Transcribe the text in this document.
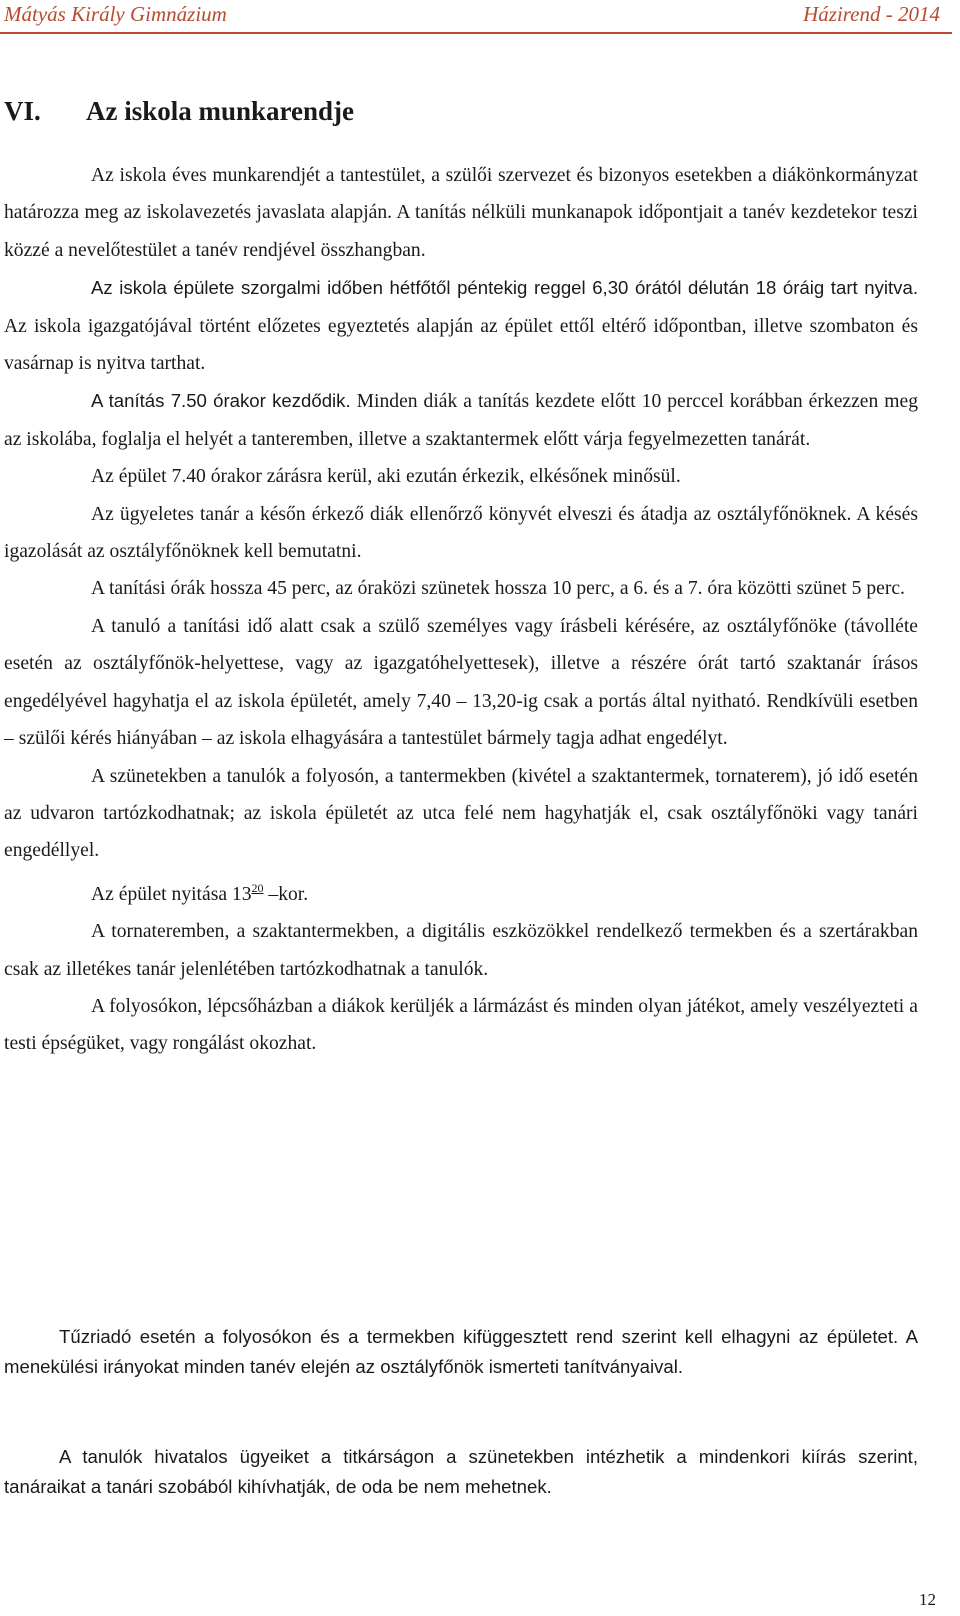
Mátyás Király Gimnázium	Házirend - 2014
VI. Az iskola munkarendje

Az iskola éves munkarendjét a tantestület, a szülői szervezet és bizonyos esetekben a diákönkormányzat határozza meg az iskolavezetés javaslata alapján. A tanítás nélküli munkanapok időpontjait a tanév kezdetekor teszi közzé a nevelőtestület a tanév rendjével összhangban.

Az iskola épülete szorgalmi időben hétfőtől péntekig reggel 6,30 órától délután 18 óráig tart nyitva. Az iskola igazgatójával történt előzetes egyeztetés alapján az épület ettől eltérő időpontban, illetve szombaton és vasárnap is nyitva tarthat.

A tanítás 7.50 órakor kezdődik. Minden diák a tanítás kezdete előtt 10 perccel korábban érkezzen meg az iskolába, foglalja el helyét a tanteremben, illetve a szaktantermek előtt várja fegyelmezetten tanárát.

Az épület 7.40 órakor zárásra kerül, aki ezután érkezik, elkésőnek minősül.

Az ügyeletes tanár a későn érkező diák ellenőrző könyvét elveszi és átadja az osztályfőnöknek. A késés igazolását az osztályfőnöknek kell bemutatni.

A tanítási órák hossza 45 perc, az óraközi szünetek hossza 10 perc, a 6. és a 7. óra közötti szünet 5 perc.

A tanuló a tanítási idő alatt csak a szülő személyes vagy írásbeli kérésére, az osztályfőnöke (távolléte esetén az osztályfőnök-helyettese, vagy az igazgatóhelyettesek), illetve a részére órát tartó szaktanár írásos engedélyével hagyhatja el az iskola épületét, amely 7,40 – 13,20-ig csak a portás által nyitható. Rendkívüli esetben – szülői kérés hiányában – az iskola elhagyására a tantestület bármely tagja adhat engedélyt.

A szünetekben a tanulók a folyosón, a tantermekben (kivétel a szaktantermek, tornaterem), jó idő esetén az udvaron tartózkodhatnak; az iskola épületét az utca felé nem hagyhatják el, csak osztályfőnöki vagy tanári engedéllyel.

Az épület nyitása $13^{20}$ –kor.

A tornateremben, a szaktantermekben, a digitális eszközökkel rendelkező termekben és a szertárakban csak az illetékes tanár jelenlétében tartózkodhatnak a tanulók.

A folyosókon, lépcsőházban a diákok kerüljék a lármázást és minden olyan játékot, amely veszélyezteti a testi épségüket, vagy rongálást okozhat.

Tűzriadó esetén a folyosókon és a termekben kifüggesztett rend szerint kell elhagyni az épületet. A menekülési irányokat minden tanév elején az osztályfőnök ismerteti tanítványaival.

A tanulók hivatalos ügyeiket a titkárságon a szünetekben intézhetik a mindenkori kiírás szerint, tanáraikat a tanári szobából kihívhatják, de oda be nem mehetnek.

12
